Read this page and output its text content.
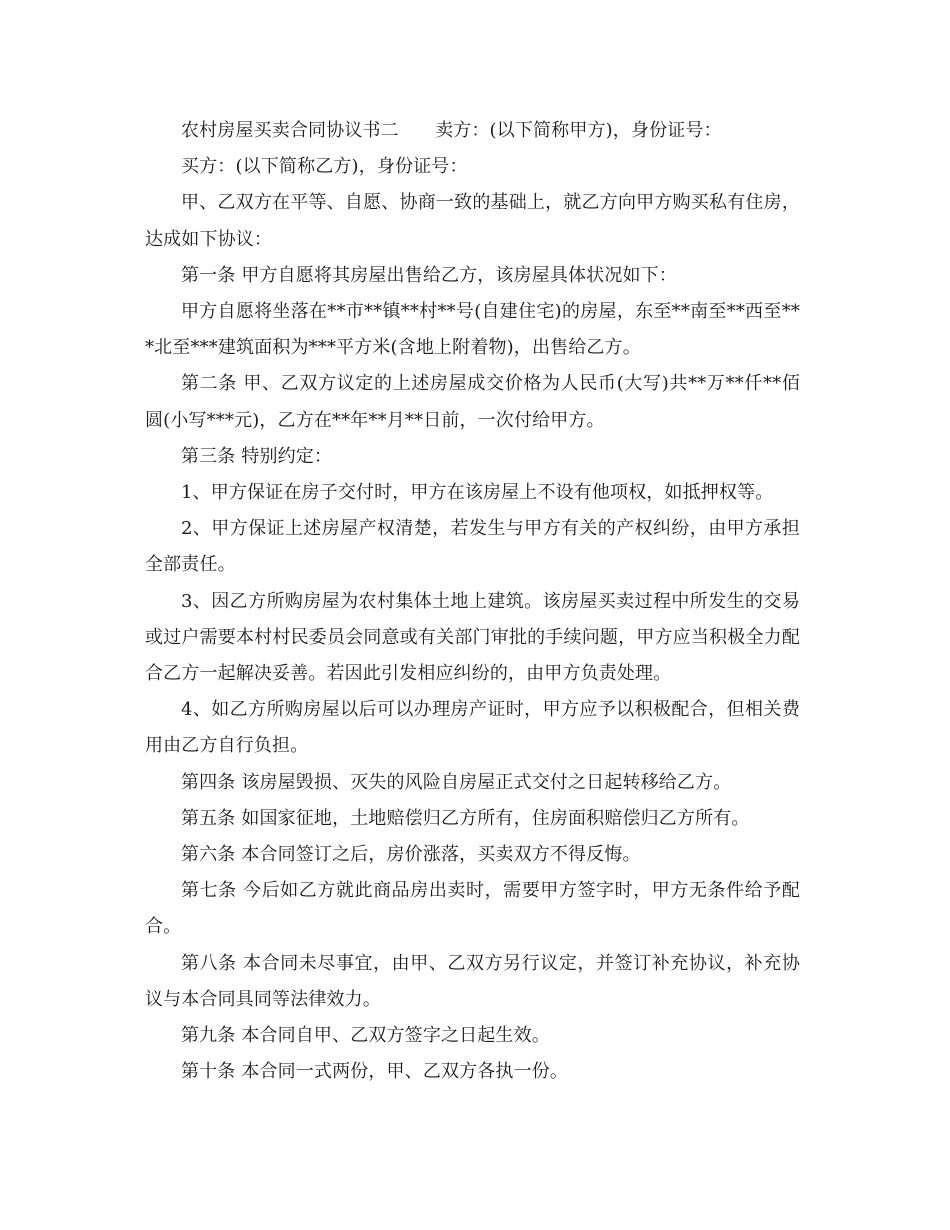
农村房屋买卖合同协议书二　　卖方：(以下简称甲方)，身份证号：

买方：(以下简称乙方)，身份证号：

甲、乙双方在平等、自愿、协商一致的基础上，就乙方向甲方购买私有住房，达成如下协议：

第一条 甲方自愿将其房屋出售给乙方，该房屋具体状况如下：

甲方自愿将坐落在**市**镇**村**号(自建住宅)的房屋，东至**南至**西至***北至***建筑面积为***平方米(含地上附着物)，出售给乙方。

第二条 甲、乙双方议定的上述房屋成交价格为人民币(大写)共**万**仟**佰圆(小写***元)，乙方在**年**月**日前，一次付给甲方。

第三条 特别约定：

1、甲方保证在房子交付时，甲方在该房屋上不设有他项权，如抵押权等。

2、甲方保证上述房屋产权清楚，若发生与甲方有关的产权纠纷，由甲方承担全部责任。

3、因乙方所购房屋为农村集体土地上建筑。该房屋买卖过程中所发生的交易或过户需要本村村民委员会同意或有关部门审批的手续问题，甲方应当积极全力配合乙方一起解决妥善。若因此引发相应纠纷的，由甲方负责处理。

4、如乙方所购房屋以后可以办理房产证时，甲方应予以积极配合，但相关费用由乙方自行负担。

第四条 该房屋毁损、灭失的风险自房屋正式交付之日起转移给乙方。

第五条 如国家征地，土地赔偿归乙方所有，住房面积赔偿归乙方所有。

第六条 本合同签订之后，房价涨落，买卖双方不得反悔。

第七条 今后如乙方就此商品房出卖时，需要甲方签字时，甲方无条件给予配合。

第八条 本合同未尽事宜，由甲、乙双方另行议定，并签订补充协议，补充协议与本合同具同等法律效力。

第九条 本合同自甲、乙双方签字之日起生效。

第十条 本合同一式两份，甲、乙双方各执一份。
